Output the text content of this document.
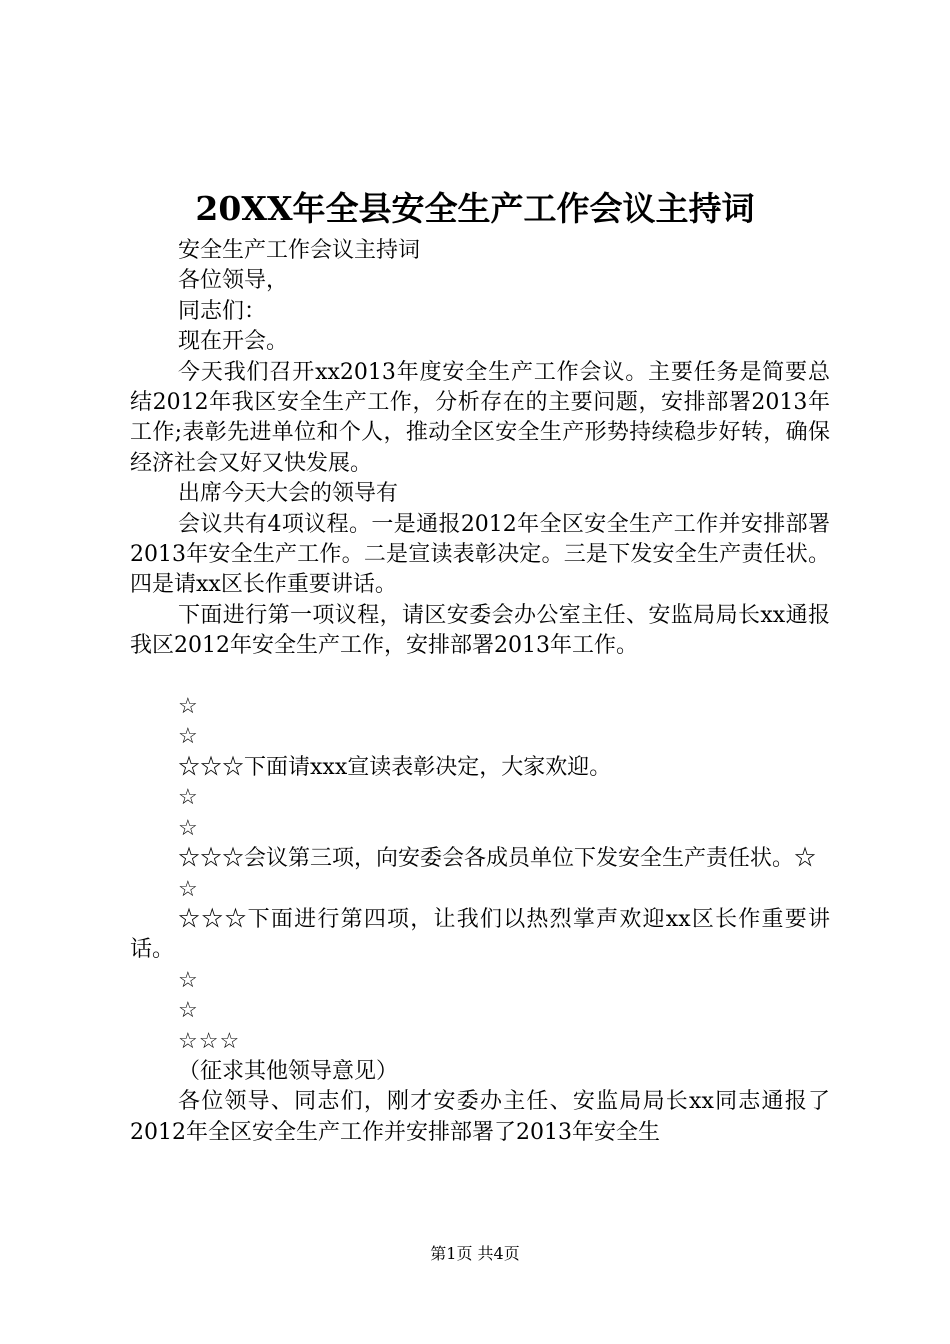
20XX年全县安全生产工作会议主持词

安全生产工作会议主持词

各位领导，

同志们：

现在开会。

今天我们召开xx2013年度安全生产工作会议。主要任务是简要总结2012年我区安全生产工作，分析存在的主要问题，安排部署2013年工作;表彰先进单位和个人，推动全区安全生产形势持续稳步好转，确保经济社会又好又快发展。

出席今天大会的领导有

会议共有4项议程。一是通报2012年全区安全生产工作并安排部署2013年安全生产工作。二是宣读表彰决定。三是下发安全生产责任状。四是请xx区长作重要讲话。

下面进行第一项议程，请区安委会办公室主任、安监局局长xx通报我区2012年安全生产工作，安排部署2013年工作。

☆

☆

☆☆☆下面请xxx宣读表彰决定，大家欢迎。

☆

☆

☆☆☆会议第三项，向安委会各成员单位下发安全生产责任状。☆

☆

☆☆☆下面进行第四项，让我们以热烈掌声欢迎xx区长作重要讲话。

☆

☆

☆☆☆

（征求其他领导意见）

各位领导、同志们，刚才安委办主任、安监局局长xx同志通报了2012年全区安全生产工作并安排部署了2013年安全生

第1页 共4页
